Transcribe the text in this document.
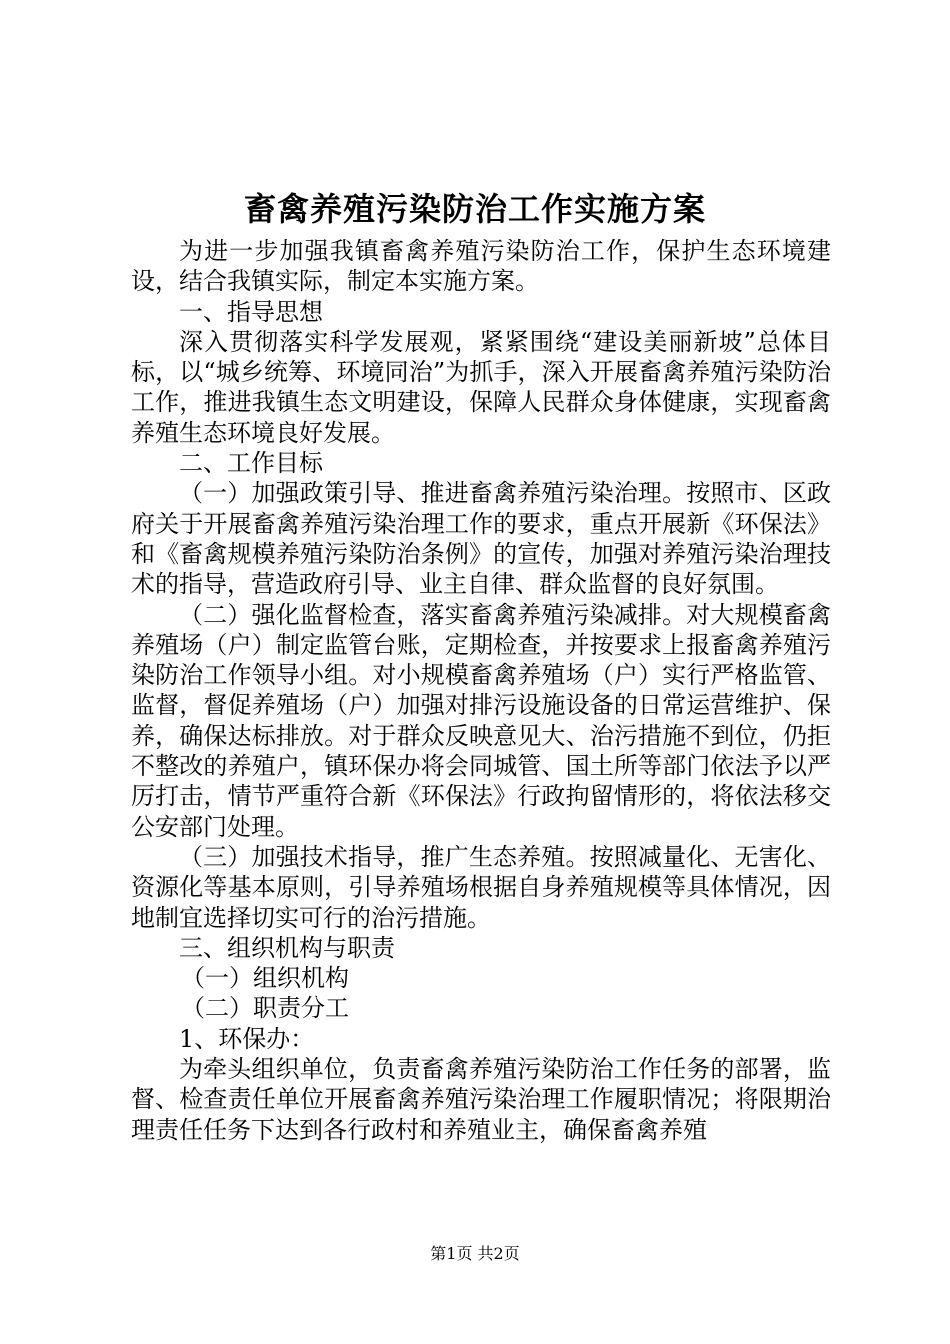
畜禽养殖污染防治工作实施方案

为进一步加强我镇畜禽养殖污染防治工作，保护生态环境建设，结合我镇实际，制定本实施方案。

一、指导思想

深入贯彻落实科学发展观，紧紧围绕“建设美丽新坡”总体目标，以“城乡统筹、环境同治”为抓手，深入开展畜禽养殖污染防治工作，推进我镇生态文明建设，保障人民群众身体健康，实现畜禽养殖生态环境良好发展。

二、工作目标

（一）加强政策引导、推进畜禽养殖污染治理。按照市、区政府关于开展畜禽养殖污染治理工作的要求，重点开展新《环保法》和《畜禽规模养殖污染防治条例》的宣传，加强对养殖污染治理技术的指导，营造政府引导、业主自律、群众监督的良好氛围。

（二）强化监督检查，落实畜禽养殖污染减排。对大规模畜禽养殖场（户）制定监管台账，定期检查，并按要求上报畜禽养殖污染防治工作领导小组。对小规模畜禽养殖场（户）实行严格监管、监督，督促养殖场（户）加强对排污设施设备的日常运营维护、保养，确保达标排放。对于群众反映意见大、治污措施不到位，仍拒不整改的养殖户，镇环保办将会同城管、国土所等部门依法予以严厉打击，情节严重符合新《环保法》行政拘留情形的，将依法移交公安部门处理。

（三）加强技术指导，推广生态养殖。按照减量化、无害化、资源化等基本原则，引导养殖场根据自身养殖规模等具体情况，因地制宜选择切实可行的治污措施。

三、组织机构与职责

（一）组织机构

（二）职责分工

1、环保办：

为牵头组织单位，负责畜禽养殖污染防治工作任务的部署，监督、检查责任单位开展畜禽养殖污染治理工作履职情况；将限期治理责任任务下达到各行政村和养殖业主，确保畜禽养殖

第1页 共2页
